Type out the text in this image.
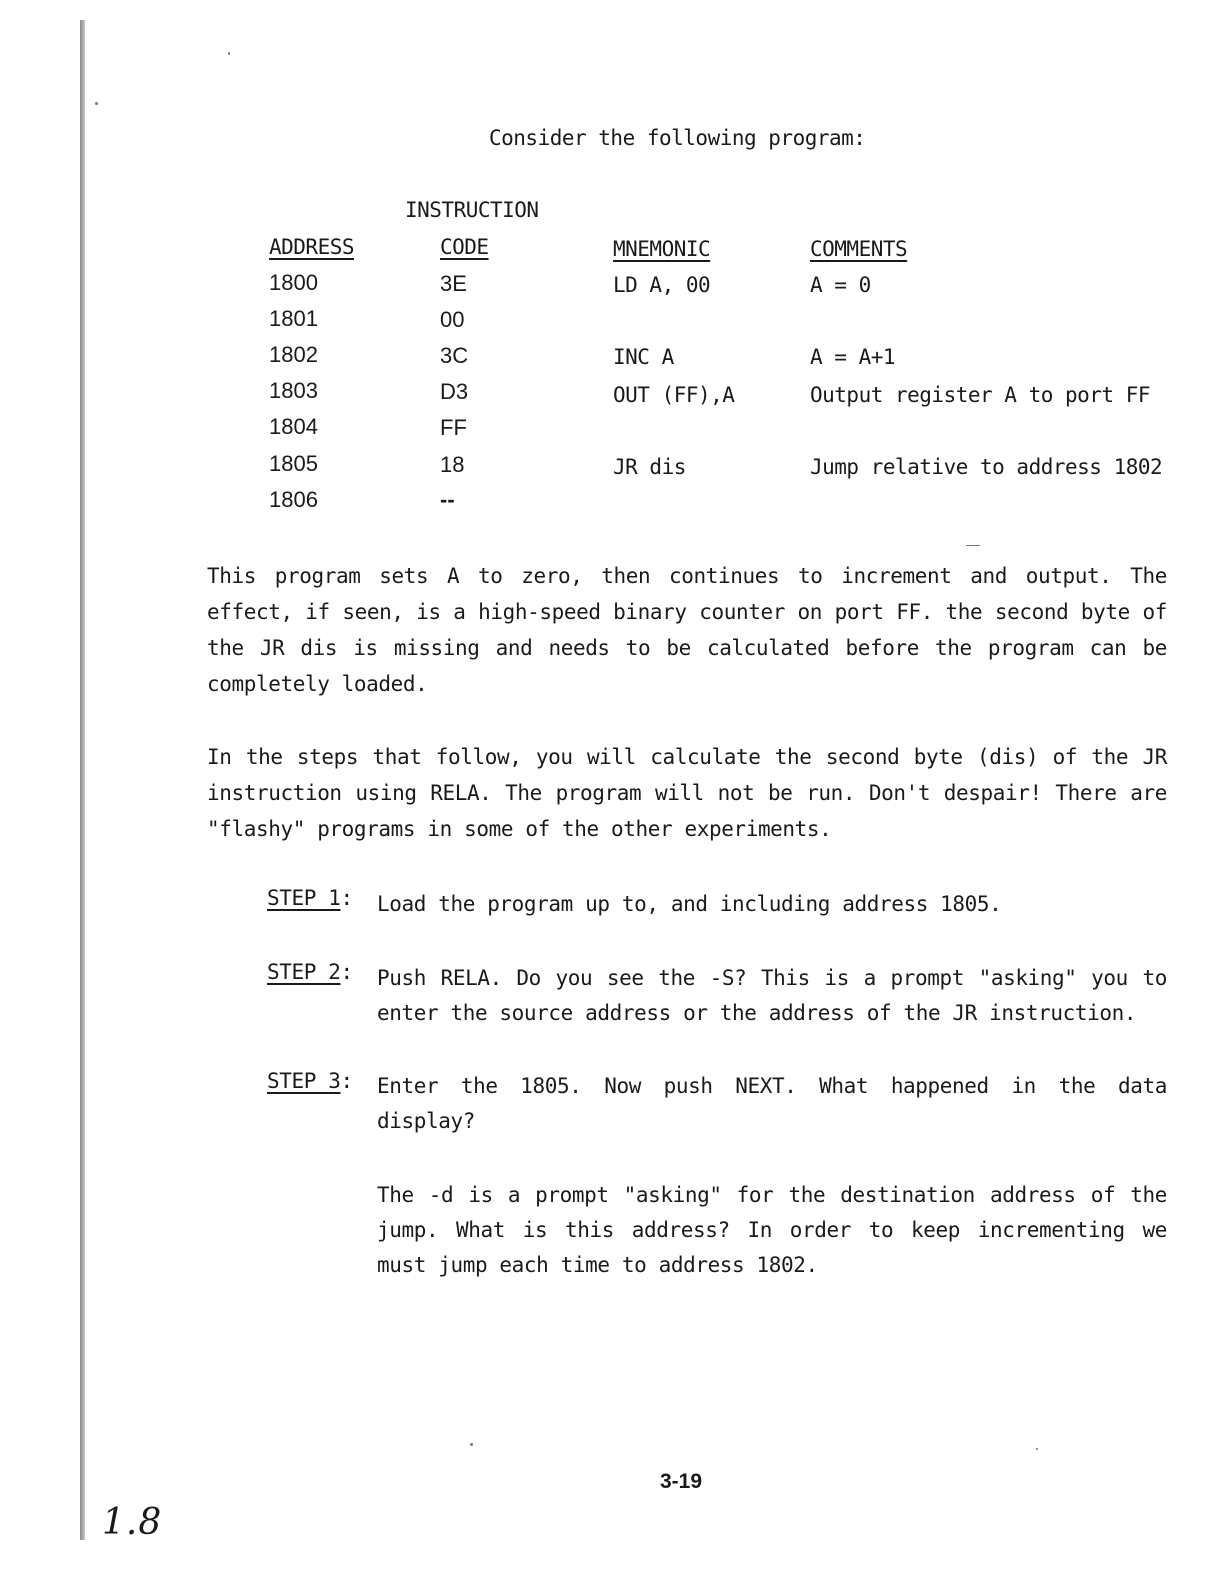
Consider the following program:
INSTRUCTION
ADDRESS	CODE	MNEMONIC	COMMENTS
1800	3E	LD A, 00	A = 0
1801	00
1802	3C	INC A	A = A+1
1803	D3	OUT (FF),A	Output register A to port FF
1804	FF
1805	18	JR dis	Jump relative to address 1802
1806	--

This program sets A to zero, then continues to increment and output. The effect, if seen, is a high-speed binary counter on port FF. the second byte of the JR dis is missing and needs to be calculated before the program can be completely loaded.

In the steps that follow, you will calculate the second byte (dis) of the JR instruction using RELA. The program will not be run. Don't despair! There are "flashy" programs in some of the other experiments.

STEP 1: Load the program up to, and including address 1805.

STEP 2: Push RELA. Do you see the -S? This is a prompt "asking" you to enter the source address or the address of the JR instruction.

STEP 3: Enter the 1805. Now push NEXT. What happened in the data display?

The -d is a prompt "asking" for the destination address of the jump. What is this address? In order to keep incrementing we must jump each time to address 1802.

3-19
1.8
